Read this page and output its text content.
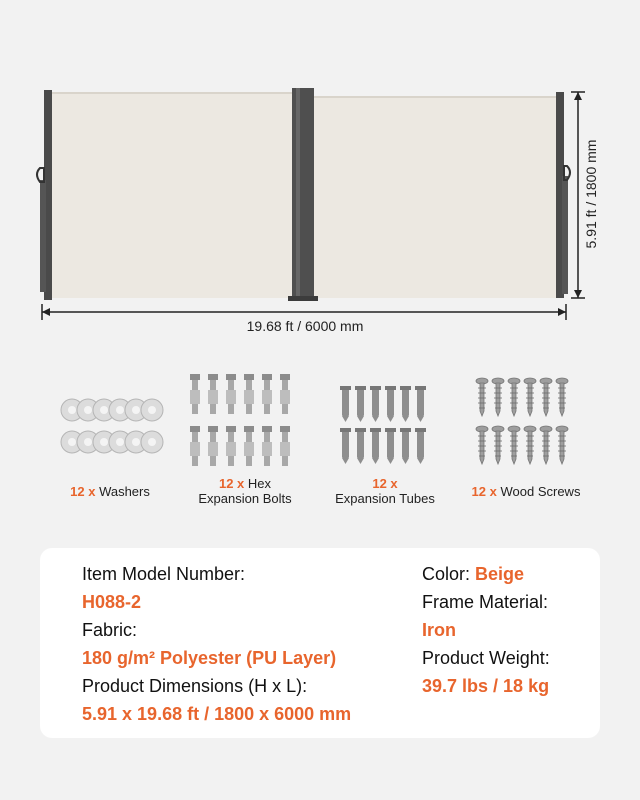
19.68 ft / 6000 mm
5.91 ft / 1800 mm
12 x Washers
12 x Hex
Expansion Bolts
12 x
Expansion Tubes	12 x Wood Screws
Item Model Number:
H088-2
Fabric:
180 g/m² Polyester (PU Layer)
Product Dimensions (H x L):
5.91 x 19.68 ft / 1800 x 6000 mm
Color: Beige
Frame Material:
Iron
Product Weight:
39.7 lbs / 18 kg
